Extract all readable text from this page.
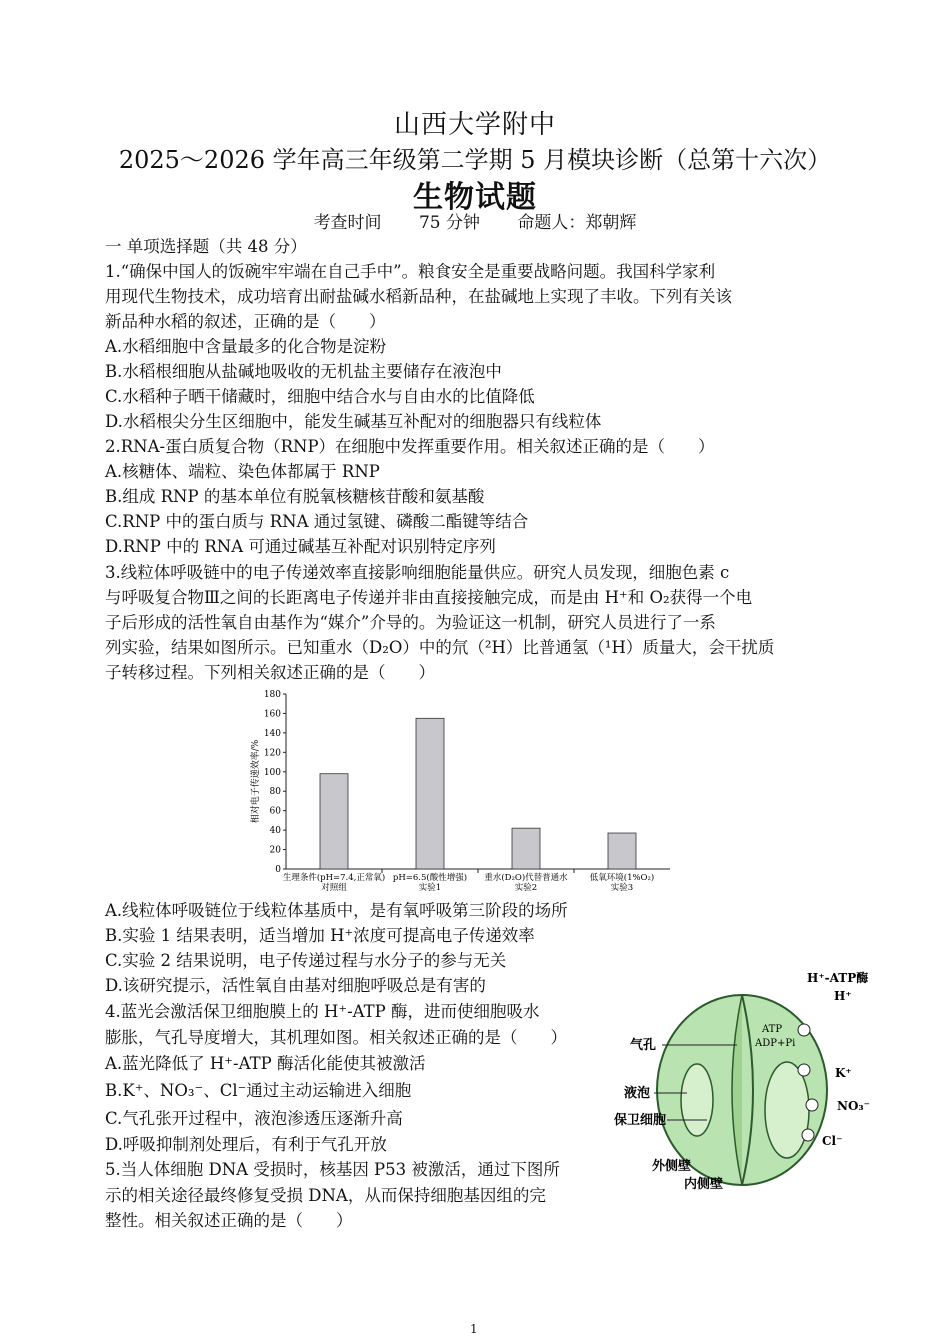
山西大学附中
2025～2026 学年高三年级第二学期 5 月模块诊断（总第十六次）
生物试题
考查时间 75 分钟 命题人：郑朝辉
一 单项选择题（共 48 分）
1.“确保中国人的饭碗牢牢端在自己手中”。粮食安全是重要战略问题。我国科学家利
用现代生物技术，成功培育出耐盐碱水稻新品种，在盐碱地上实现了丰收。下列有关该
新品种水稻的叙述，正确的是（　　）
A.水稻细胞中含量最多的化合物是淀粉
B.水稻根细胞从盐碱地吸收的无机盐主要储存在液泡中
C.水稻种子晒干储藏时，细胞中结合水与自由水的比值降低
D.水稻根尖分生区细胞中，能发生碱基互补配对的细胞器只有线粒体
2.RNA-蛋白质复合物（RNP）在细胞中发挥重要作用。相关叙述正确的是（　　）
A.核糖体、端粒、染色体都属于 RNP
B.组成 RNP 的基本单位有脱氧核糖核苷酸和氨基酸
C.RNP 中的蛋白质与 RNA 通过氢键、磷酸二酯键等结合
D.RNP 中的 RNA 可通过碱基互补配对识别特定序列
3.线粒体呼吸链中的电子传递效率直接影响细胞能量供应。研究人员发现，细胞色素 c
与呼吸复合物Ⅲ之间的长距离电子传递并非由直接接触完成，而是由 H⁺和 O₂获得一个电
子后形成的活性氧自由基作为“媒介”介导的。为验证这一机制，研究人员进行了一系
列实验，结果如图所示。已知重水（D₂O）中的氘（²H）比普通氢（¹H）质量大，会干扰质
子转移过程。下列相关叙述正确的是（　　）
0
20
40
60
80
100
120
140
160
180
相对电子传递效率/%
生理条件(pH=7.4,正常氧)
对照组
pH=6.5(酸性增强)
实验1
重水(D₂O)代替普通水
实验2
低氧环境(1%O₂)
实验3
A.线粒体呼吸链位于线粒体基质中，是有氧呼吸第三阶段的场所
B.实验 1 结果表明，适当增加 H⁺浓度可提高电子传递效率
C.实验 2 结果说明，电子传递过程与水分子的参与无关
D.该研究提示，活性氧自由基对细胞呼吸总是有害的
4.蓝光会激活保卫细胞膜上的 H⁺-ATP 酶，进而使细胞吸水
膨胀，气孔导度增大，其机理如图。相关叙述正确的是（　　）
A.蓝光降低了 H⁺-ATP 酶活化能使其被激活
B.K⁺、NO₃⁻、Cl⁻通过主动运输进入细胞
C.气孔张开过程中，液泡渗透压逐渐升高
D.呼吸抑制剂处理后，有利于气孔开放
5.当人体细胞 DNA 受损时，核基因 P53 被激活，通过下图所
示的相关途径最终修复受损 DNA，从而保持细胞基因组的完
整性。相关叙述正确的是（　　）
气孔
液泡
保卫细胞
外侧壁
内侧壁
H⁺-ATP酶
ATP
ADP+Pi
H⁺
K⁺
NO₃⁻
Cl⁻
1
